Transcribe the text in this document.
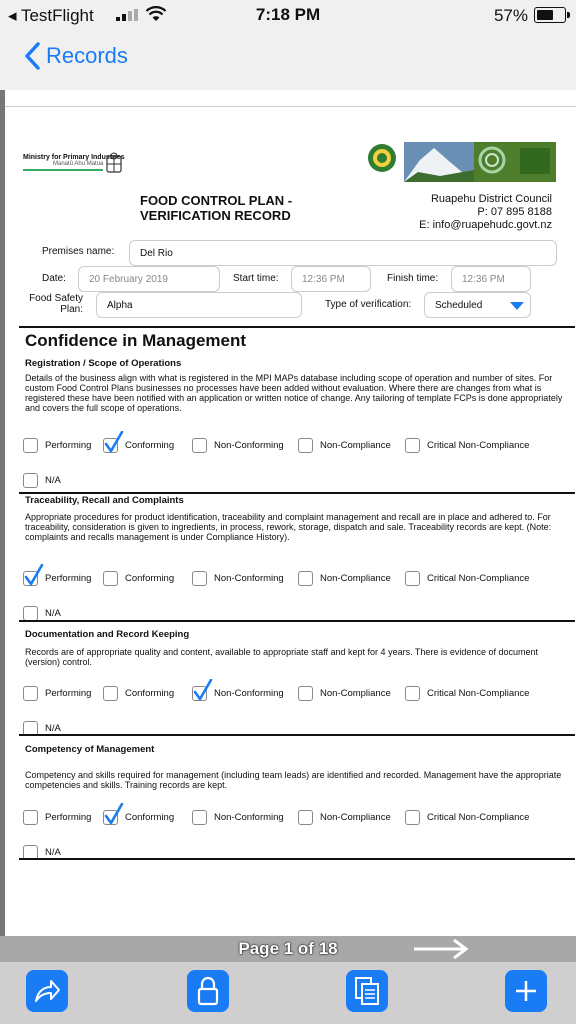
◂ TestFlight	7:18 PM	57%
Records
Ministry for Primary Industries
Manatū Ahu Matua
FOOD CONTROL PLAN -
VERIFICATION RECORD
Ruapehu District Council
P: 07 895 8188
E: info@ruapehudc.govt.nz
Premises name:	Del Rio
Date: 20 February 2019	Start time: 12:36 PM	Finish time: 12:36 PM
Food Safety
Plan: Alpha	Type of verification: Scheduled
Confidence in Management
Registration / Scope of Operations
Details of the business align with what is registered in the MPI MAPs database including scope of operation and number of sites. For custom Food Control Plans businesses no processes have been added without evaluation. Where there are changes from what is registered these have been notified with an application or written notice of change. Any tailoring of template FCPs is done appropriately and covers the full scope of operations.
Performing	Conforming	Non-Conforming	Non-Compliance	Critical Non-Compliance
N/A
Traceability, Recall and Complaints
Appropriate procedures for product identification, traceability and complaint management and recall are in place and adhered to. For traceability, consideration is given to ingredients, in process, rework, storage, dispatch and sale. Traceability records are kept. (Note: complaints and recalls management is under Compliance History).
Performing	Conforming	Non-Conforming	Non-Compliance	Critical Non-Compliance
N/A
Documentation and Record Keeping
Records are of appropriate quality and content, available to appropriate staff and kept for 4 years. There is evidence of document (version) control.
Performing	Conforming	Non-Conforming	Non-Compliance	Critical Non-Compliance
N/A
Competency of Management
Competency and skills required for management (including team leads) are identified and recorded. Management have the appropriate competencies and skills. Training records are kept.
Performing	Conforming	Non-Conforming	Non-Compliance	Critical Non-Compliance
N/A
Page 1 of 18
